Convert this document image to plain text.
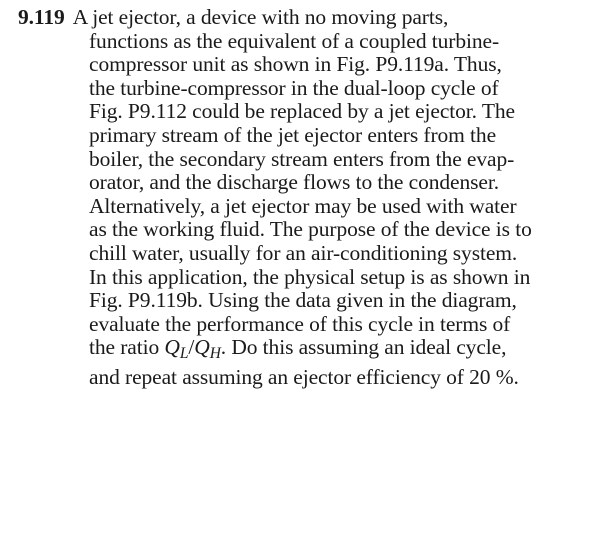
9.119 A jet ejector, a device with no moving parts,
functions as the equivalent of a coupled turbine-
compressor unit as shown in Fig. P9.119a. Thus,
the turbine-compressor in the dual-loop cycle of
Fig. P9.112 could be replaced by a jet ejector. The
primary stream of the jet ejector enters from the
boiler, the secondary stream enters from the evap-
orator, and the discharge flows to the condenser.
Alternatively, a jet ejector may be used with water
as the working fluid. The purpose of the device is to
chill water, usually for an air-conditioning system.
In this application, the physical setup is as shown in
Fig. P9.119b. Using the data given in the diagram,
evaluate the performance of this cycle in terms of
the ratio $Q_L/Q_H$. Do this assuming an ideal cycle,
and repeat assuming an ejector efficiency of 20 %.
